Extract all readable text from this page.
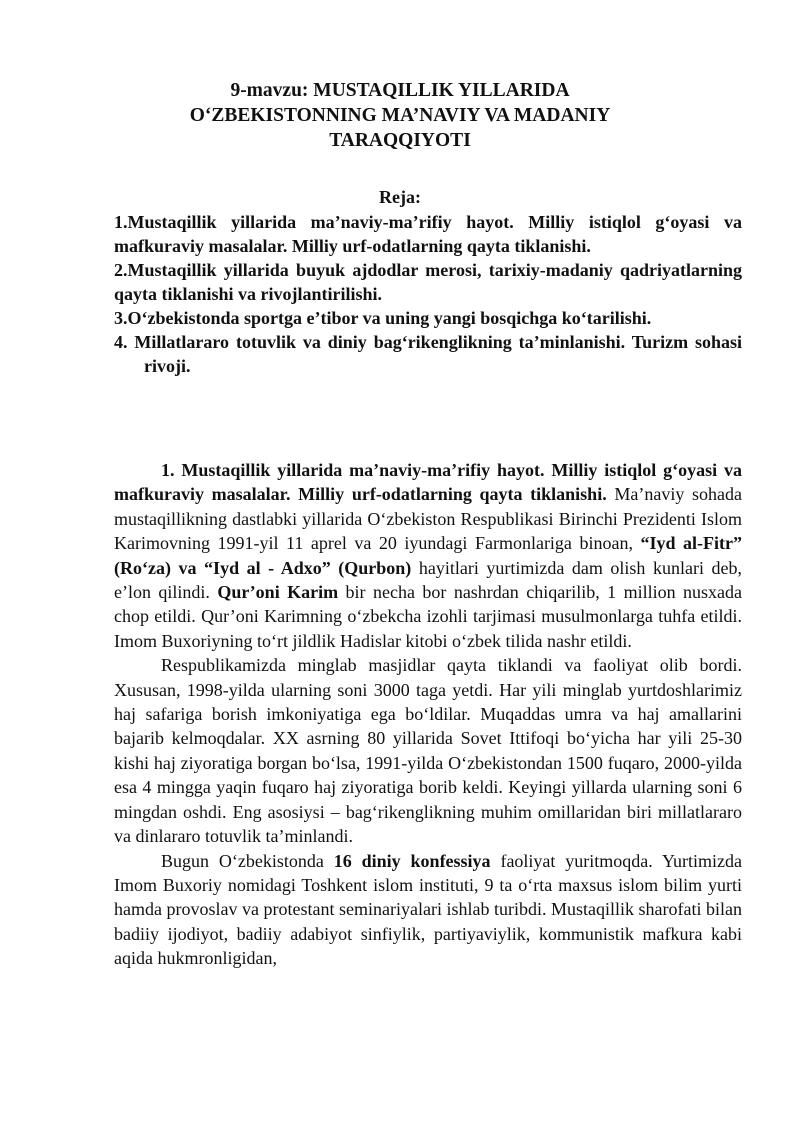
9-mavzu: MUSTAQILLIK YILLARIDA
O‘ZBEKISTONNING MA’NAVIY VA MADANIY
TARAQQIYOTI
Reja:
1.Mustaqillik yillarida ma’naviy-ma’rifiy hayot. Milliy istiqlol g‘oyasi va mafkuraviy masalalar. Milliy urf-odatlarning qayta tiklanishi.
2.Mustaqillik yillarida buyuk ajdodlar merosi, tarixiy-madaniy qadriyatlarning qayta tiklanishi va rivojlantirilishi.
3.O‘zbekistonda sportga e’tibor va uning yangi bosqichga ko‘tarilishi.
4. Millatlararo totuvlik va diniy bag‘rikenglikning ta’minlanishi. Turizm sohasi rivoji.

1. Mustaqillik yillarida ma’naviy-ma’rifiy hayot. Milliy istiqlol g‘oyasi va mafkuraviy masalalar. Milliy urf-odatlarning qayta tiklanishi. Ma’naviy sohada mustaqillikning dastlabki yillarida O‘zbekiston Respublikasi Birinchi Prezidenti Islom Karimovning 1991-yil 11 aprel va 20 iyundagi Farmonlariga binoan, “Iyd al-Fitr” (Ro‘za) va “Iyd al - Adxo” (Qurbon) hayitlari yurtimizda dam olish kunlari deb, e’lon qilindi. Qur’oni Karim bir necha bor nashrdan chiqarilib, 1 million nusxada chop etildi. Qur’oni Karimning o‘zbekcha izohli tarjimasi musulmonlarga tuhfa etildi. Imom Buxoriyning to‘rt jildlik Hadislar kitobi o‘zbek tilida nashr etildi.

Respublikamizda minglab masjidlar qayta tiklandi va faoliyat olib bordi. Xususan, 1998-yilda ularning soni 3000 taga yetdi. Har yili minglab yurtdoshlarimiz haj safariga borish imkoniyatiga ega bo‘ldilar. Muqaddas umra va haj amallarini bajarib kelmoqdalar. XX asrning 80 yillarida Sovet Ittifoqi bo‘yicha har yili 25-30 kishi haj ziyoratiga borgan bo‘lsa, 1991-yilda O‘zbekistondan 1500 fuqaro, 2000-yilda esa 4 mingga yaqin fuqaro haj ziyoratiga borib keldi. Keyingi yillarda ularning soni 6 mingdan oshdi. Eng asosiysi – bag‘rikenglikning muhim omillaridan biri millatlararo va dinlararo totuvlik ta’minlandi.

Bugun O‘zbekistonda 16 diniy konfessiya faoliyat yuritmoqda. Yurtimizda Imom Buxoriy nomidagi Toshkent islom instituti, 9 ta o‘rta maxsus islom bilim yurti hamda provoslav va protestant seminariyalari ishlab turibdi. Mustaqillik sharofati bilan badiiy ijodiyot, badiiy adabiyot sinfiylik, partiyaviylik, kommunistik mafkura kabi aqida hukmronligidan,
